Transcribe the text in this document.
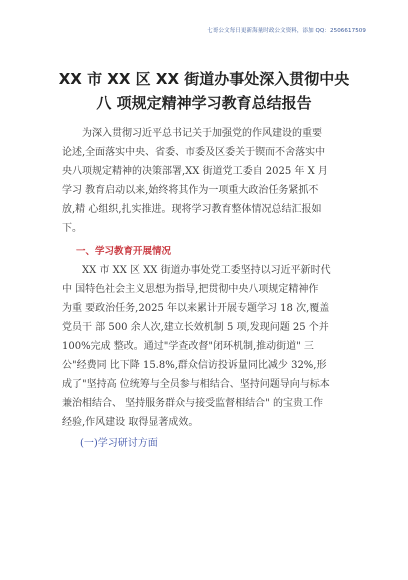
七哥公文每日更新海量时政公文资料，添加 QQ：2506617509
XX 市 XX 区 XX 街道办事处深入贯彻中央
八 项规定精神学习教育总结报告
　　为深入贯彻习近平总书记关于加强党的作风建设的重要
论述,全面落实中央、省委、市委及区委关于锲而不舍落实中
央八项规定精神的决策部署,XX 街道党工委自 2025 年 X 月
学习 教育启动以来,始终将其作为一项重大政治任务紧抓不
放,精 心组织,扎实推进。现将学习教育整体情况总结汇报如
下。
一、学习教育开展情况
　　XX 市 XX 区 XX 街道办事处党工委坚持以习近平新时代
中 国特色社会主义思想为指导,把贯彻中央八项规定精神作
为重 要政治任务,2025 年以来累计开展专题学习 18 次,覆盖
党员干 部 500 余人次,建立长效机制 5 项,发现问题 25 个并
100%完成 整改。通过"学查改督"闭环机制,推动街道" 三
公"经费同 比下降 15.8%,群众信访投诉量同比减少 32%,形
成了"坚持高 位统筹与全员参与相结合、坚持问题导向与标本
兼治相结合、 坚持服务群众与接受监督相结合" 的宝贵工作
经验,作风建设 取得显著成效。
(一)学习研讨方面
